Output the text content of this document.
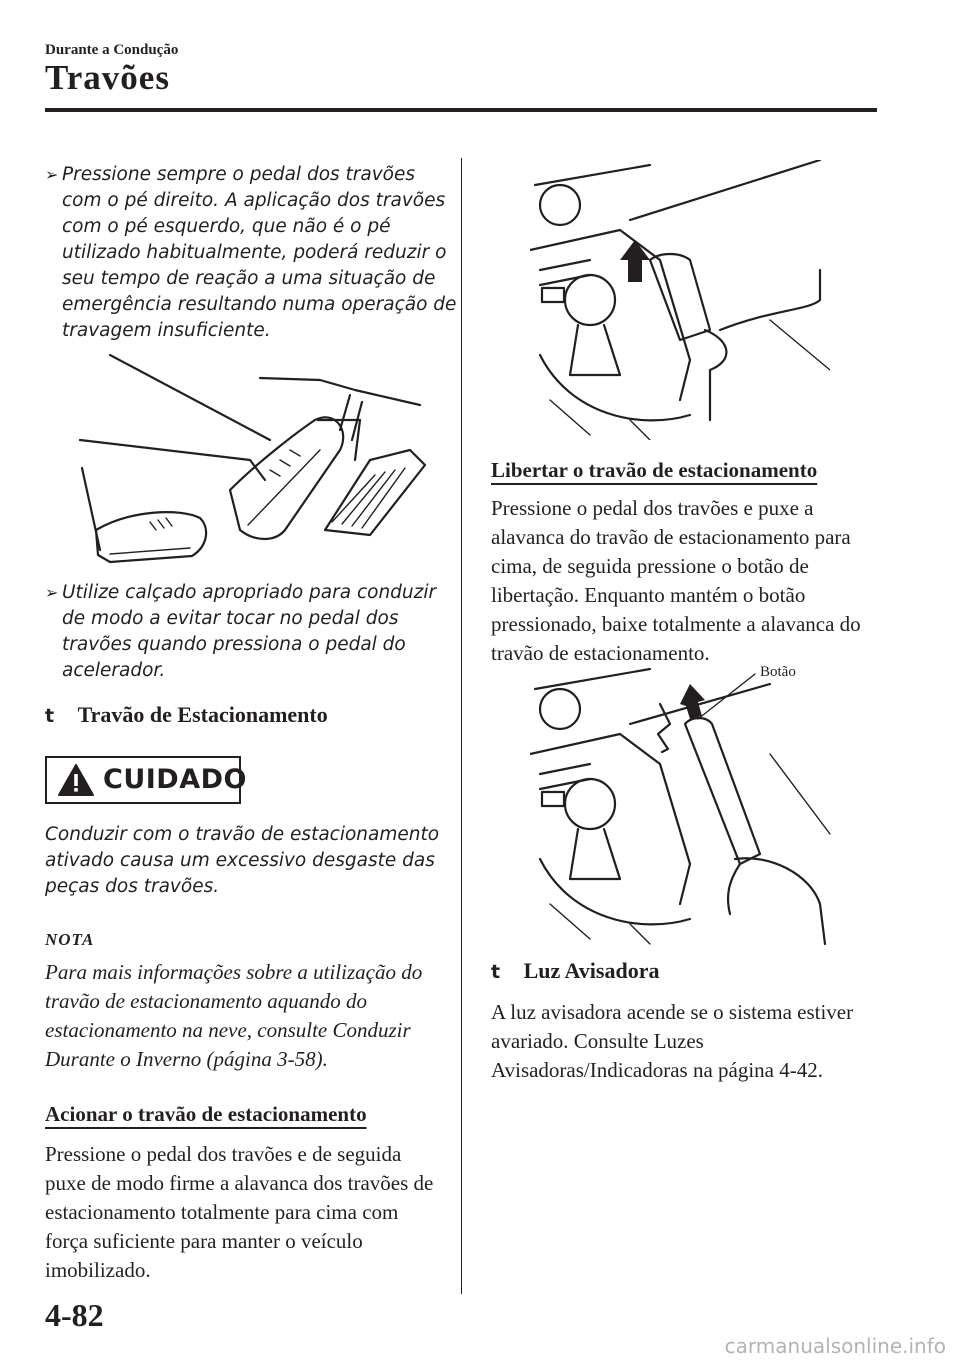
Durante a Condução
Travões
➢ Pressione sempre o pedal dos travões com o pé direito. A aplicação dos travões com o pé esquerdo, que não é o pé utilizado habitualmente, poderá reduzir o seu tempo de reação a uma situação de emergência resultando numa operação de travagem insuficiente.
➢ Utilize calçado apropriado para conduzir de modo a evitar tocar no pedal dos travões quando pressiona o pedal do acelerador.
t Travão de Estacionamento
CUIDADO
Conduzir com o travão de estacionamento ativado causa um excessivo desgaste das peças dos travões.
NOTA
Para mais informações sobre a utilização do travão de estacionamento aquando do estacionamento na neve, consulte Conduzir Durante o Inverno (página 3-58).
Acionar o travão de estacionamento
Pressione o pedal dos travões e de seguida puxe de modo firme a alavanca dos travões de estacionamento totalmente para cima com força suficiente para manter o veículo imobilizado.
Libertar o travão de estacionamento
Pressione o pedal dos travões e puxe a alavanca do travão de estacionamento para cima, de seguida pressione o botão de libertação. Enquanto mantém o botão pressionado, baixe totalmente a alavanca do travão de estacionamento.
Botão
t Luz Avisadora
A luz avisadora acende se o sistema estiver avariado. Consulte Luzes Avisadoras/Indicadoras na página 4-42.
4-82
carmanualsonline.info
